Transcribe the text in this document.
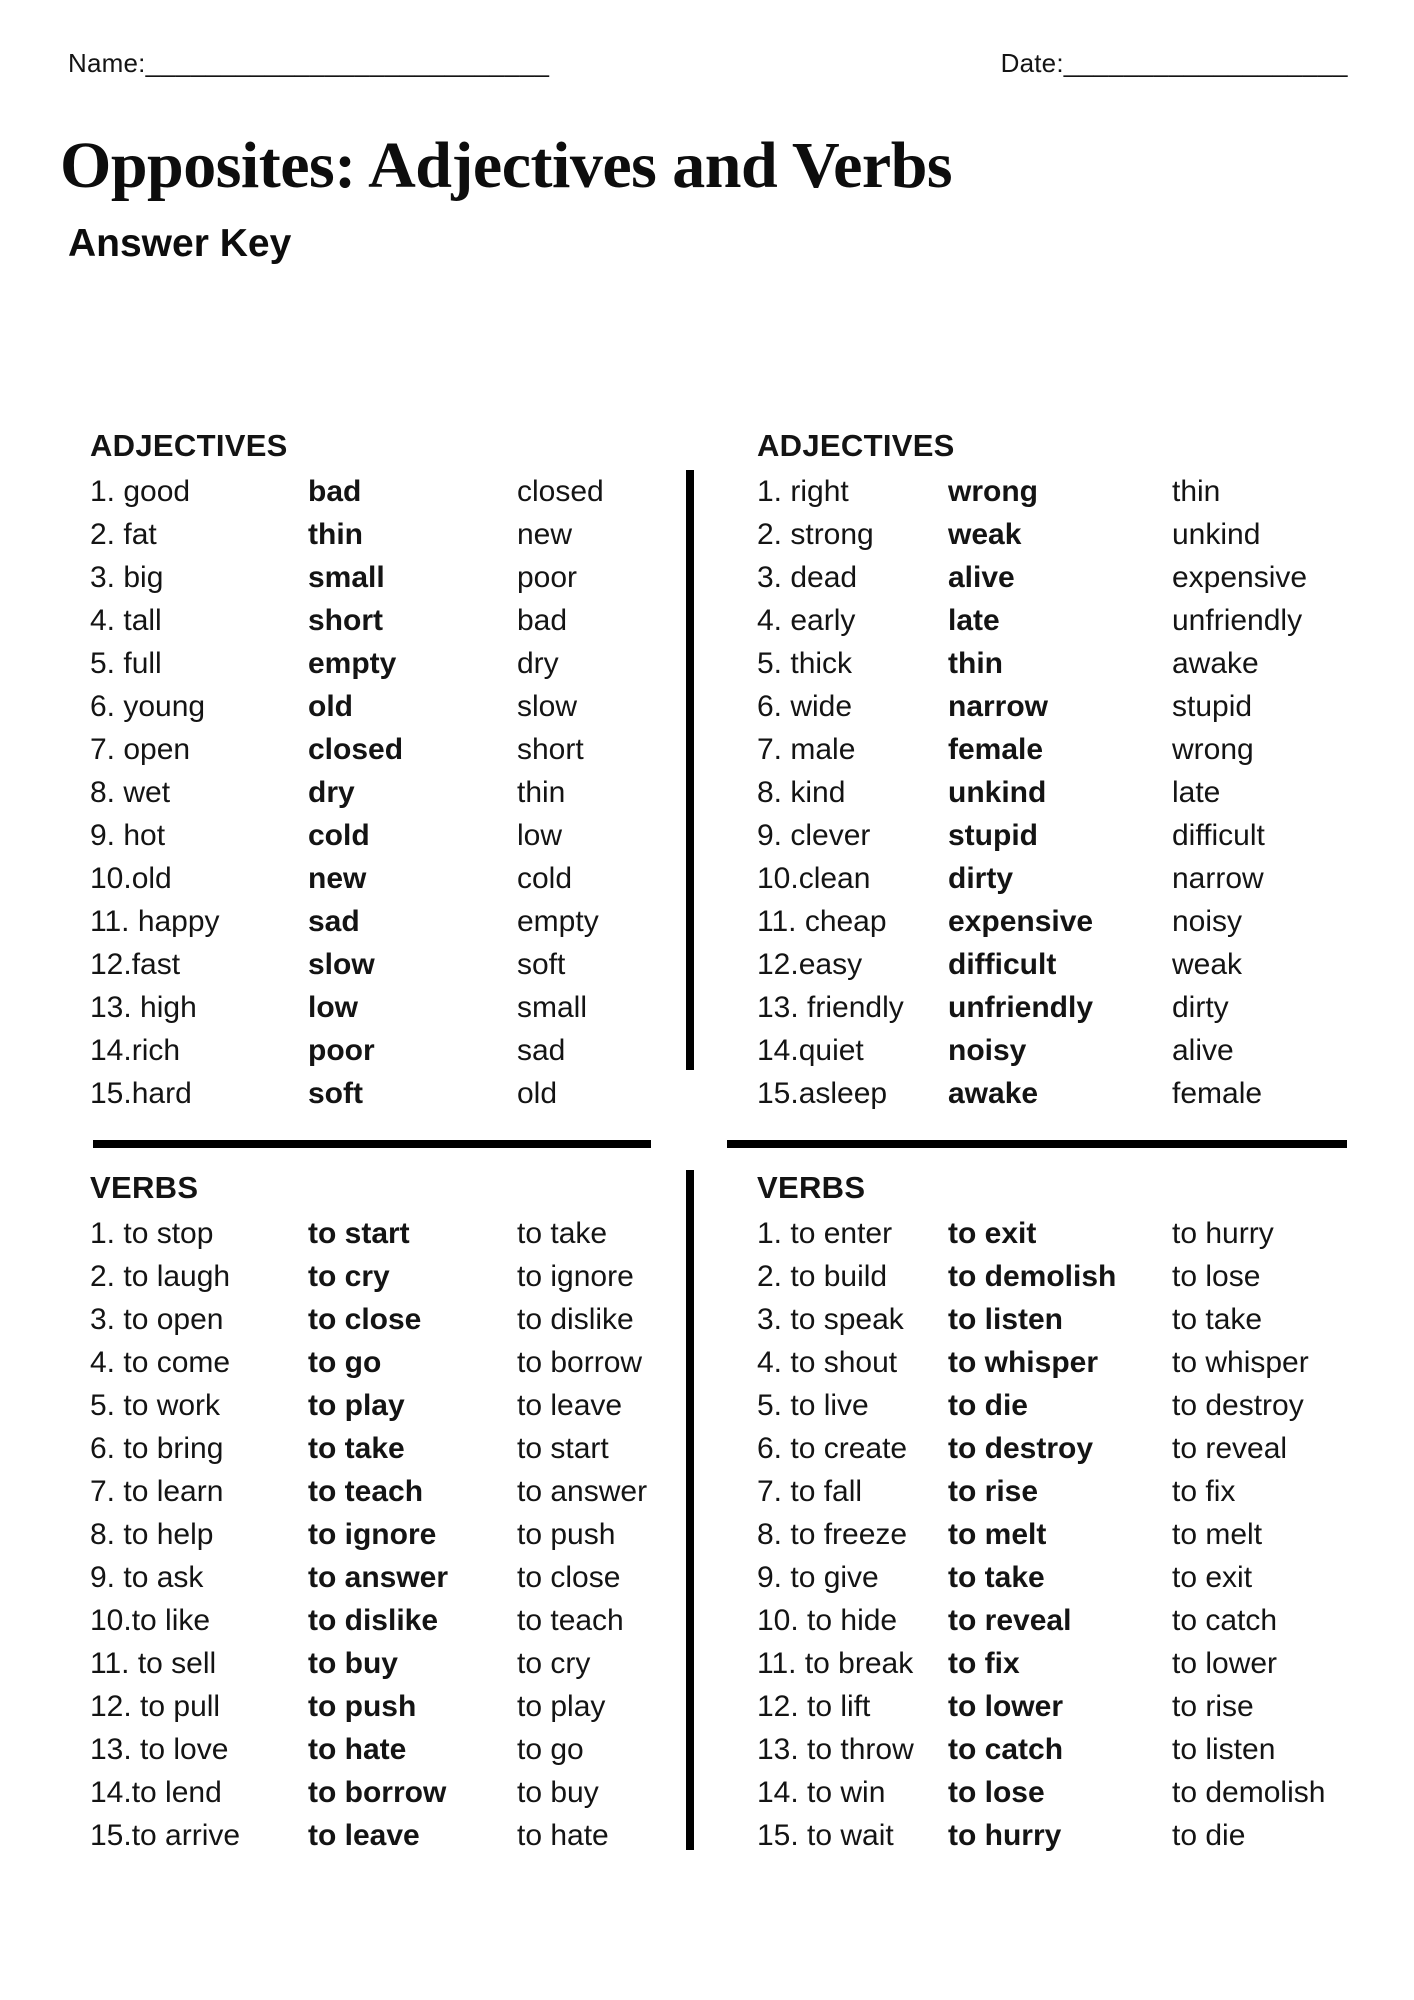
Name:___________________________	Date:___________________
Opposites: Adjectives and Verbs
Answer Key
ADJECTIVES
1. good	bad	closed
2. fat	thin	new
3. big	small	poor
4. tall	short	bad
5. full	empty	dry
6. young	old	slow
7. open	closed	short
8. wet	dry	thin
9. hot	cold	low
10.old	new	cold
11. happy	sad	empty
12.fast	slow	soft
13. high	low	small
14.rich	poor	sad
15.hard	soft	old
ADJECTIVES
1. right	wrong	thin
2. strong	weak	unkind
3. dead	alive	expensive
4. early	late	unfriendly
5. thick	thin	awake
6. wide	narrow	stupid
7. male	female	wrong
8. kind	unkind	late
9. clever	stupid	difficult
10.clean	dirty	narrow
11. cheap	expensive	noisy
12.easy	difficult	weak
13. friendly	unfriendly	dirty
14.quiet	noisy	alive
15.asleep	awake	female
VERBS
1. to stop	to start	to take
2. to laugh	to cry	to ignore
3. to open	to close	to dislike
4. to come	to go	to borrow
5. to work	to play	to leave
6. to bring	to take	to start
7. to learn	to teach	to answer
8. to help	to ignore	to push
9. to ask	to answer	to close
10.to like	to dislike	to teach
11. to sell	to buy	to cry
12. to pull	to push	to play
13. to love	to hate	to go
14.to lend	to borrow	to buy
15.to arrive	to leave	to hate
VERBS
1. to enter	to exit	to hurry
2. to build	to demolish	to lose
3. to speak	to listen	to take
4. to shout	to whisper	to whisper
5. to live	to die	to destroy
6. to create	to destroy	to reveal
7. to fall	to rise	to fix
8. to freeze	to melt	to melt
9. to give	to take	to exit
10. to hide	to reveal	to catch
11. to break	to fix	to lower
12. to lift	to lower	to rise
13. to throw	to catch	to listen
14. to win	to lose	to demolish
15. to wait	to hurry	to die
